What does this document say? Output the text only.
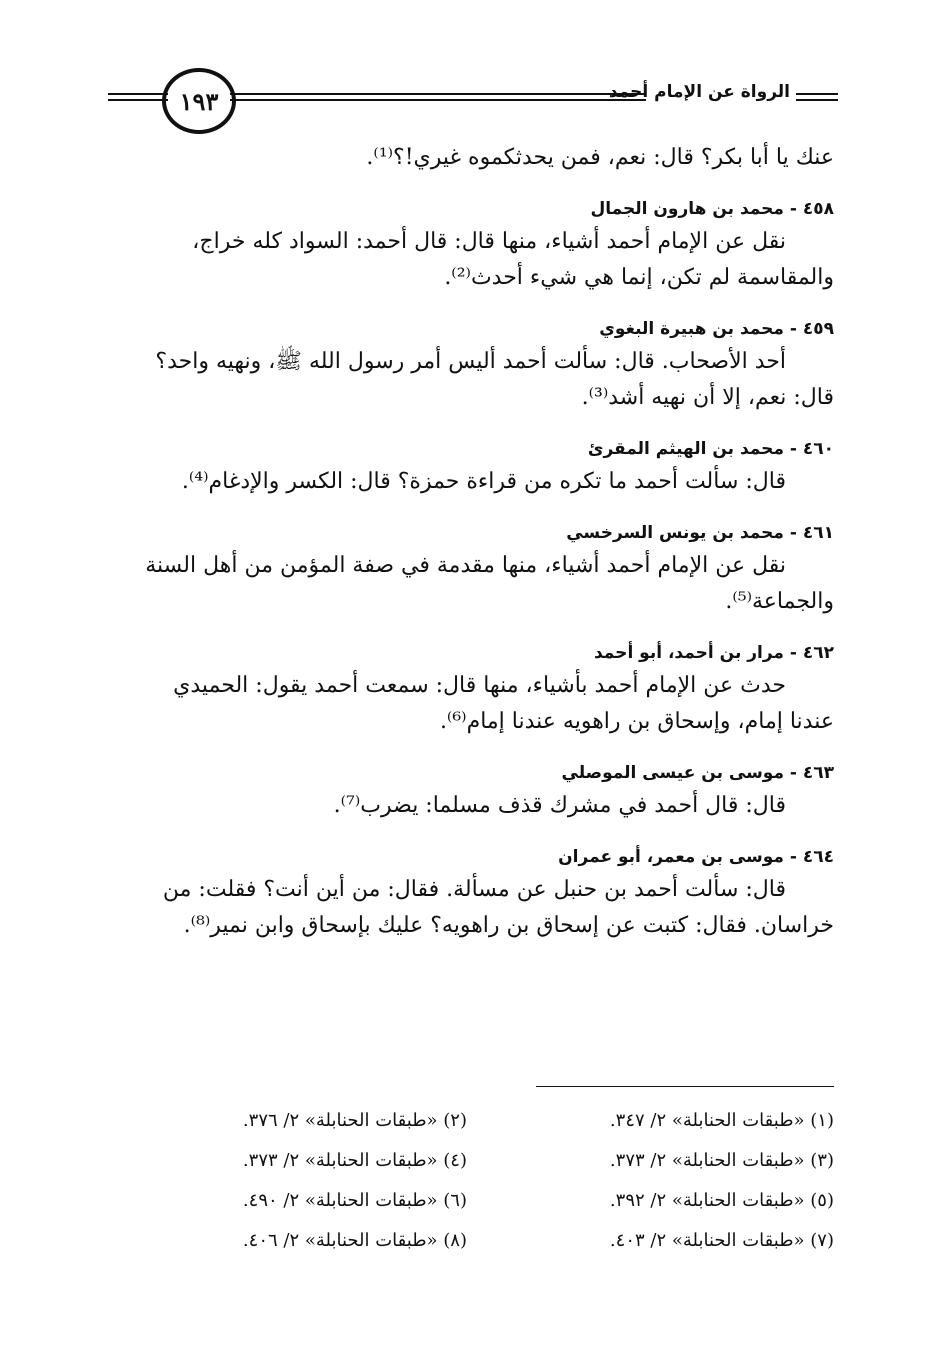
١٩٣	الرواة عن الإمام أحمد
عنك يا أبا بكر؟ قال: نعم، فمن يحدثكموه غيري!؟⁽¹⁾.
٤٥٨ - محمد بن هارون الجمال
نقل عن الإمام أحمد أشياء، منها قال: قال أحمد: السواد كله خراج،
والمقاسمة لم تكن، إنما هي شيء أحدث⁽²⁾.
٤٥٩ - محمد بن هبيرة البغوي
أحد الأصحاب. قال: سألت أحمد أليس أمر رسول الله ﷺ، ونهيه واحد؟
قال: نعم، إلا أن نهيه أشد⁽³⁾.
٤٦٠ - محمد بن الهيثم المقرئ
قال: سألت أحمد ما تكره من قراءة حمزة؟ قال: الكسر والإدغام⁽⁴⁾.
٤٦١ - محمد بن يونس السرخسي
نقل عن الإمام أحمد أشياء، منها مقدمة في صفة المؤمن من أهل السنة
والجماعة⁽⁵⁾.
٤٦٢ - مرار بن أحمد، أبو أحمد
حدث عن الإمام أحمد بأشياء، منها قال: سمعت أحمد يقول: الحميدي
عندنا إمام، وإسحاق بن راهويه عندنا إمام⁽⁶⁾.
٤٦٣ - موسى بن عيسى الموصلي
قال: قال أحمد في مشرك قذف مسلما: يضرب⁽⁷⁾.
٤٦٤ - موسى بن معمر، أبو عمران
قال: سألت أحمد بن حنبل عن مسألة. فقال: من أين أنت؟ فقلت: من
خراسان. فقال: كتبت عن إسحاق بن راهويه؟ عليك بإسحاق وابن نمير⁽⁸⁾.
(١) «طبقات الحنابلة» ٢/ ٣٤٧.
(٢) «طبقات الحنابلة» ٢/ ٣٧٦.
(٣) «طبقات الحنابلة» ٢/ ٣٧٣.
(٤) «طبقات الحنابلة» ٢/ ٣٧٣.
(٥) «طبقات الحنابلة» ٢/ ٣٩٢.
(٦) «طبقات الحنابلة» ٢/ ٤٩٠.
(٧) «طبقات الحنابلة» ٢/ ٤٠٣.
(٨) «طبقات الحنابلة» ٢/ ٤٠٦.
